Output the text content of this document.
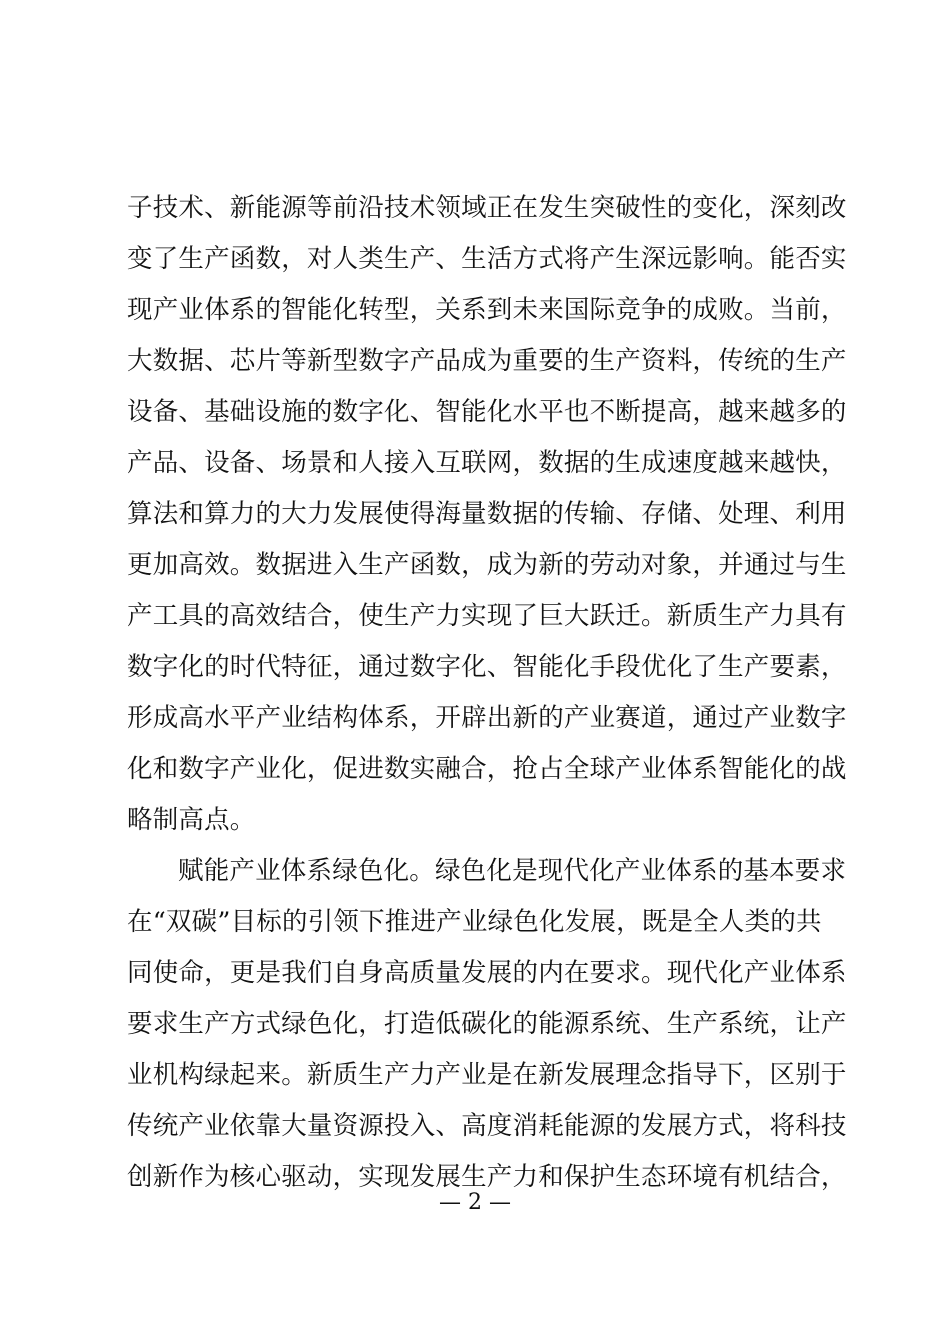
子技术、新能源等前沿技术领域正在发生突破性的变化，深刻改
变了生产函数，对人类生产、生活方式将产生深远影响。能否实
现产业体系的智能化转型，关系到未来国际竞争的成败。当前，
大数据、芯片等新型数字产品成为重要的生产资料，传统的生产
设备、基础设施的数字化、智能化水平也不断提高，越来越多的
产品、设备、场景和人接入互联网，数据的生成速度越来越快，
算法和算力的大力发展使得海量数据的传输、存储、处理、利用
更加高效。数据进入生产函数，成为新的劳动对象，并通过与生
产工具的高效结合，使生产力实现了巨大跃迁。新质生产力具有
数字化的时代特征，通过数字化、智能化手段优化了生产要素，
形成高水平产业结构体系，开辟出新的产业赛道，通过产业数字
化和数字产业化，促进数实融合，抢占全球产业体系智能化的战
略制高点。
赋能产业体系绿色化。绿色化是现代化产业体系的基本要求
在“双碳”目标的引领下推进产业绿色化发展，既是全人类的共
同使命，更是我们自身高质量发展的内在要求。现代化产业体系
要求生产方式绿色化，打造低碳化的能源系统、生产系统，让产
业机构绿起来。新质生产力产业是在新发展理念指导下，区别于
传统产业依靠大量资源投入、高度消耗能源的发展方式，将科技
创新作为核心驱动，实现发展生产力和保护生态环境有机结合，
— 2 —
